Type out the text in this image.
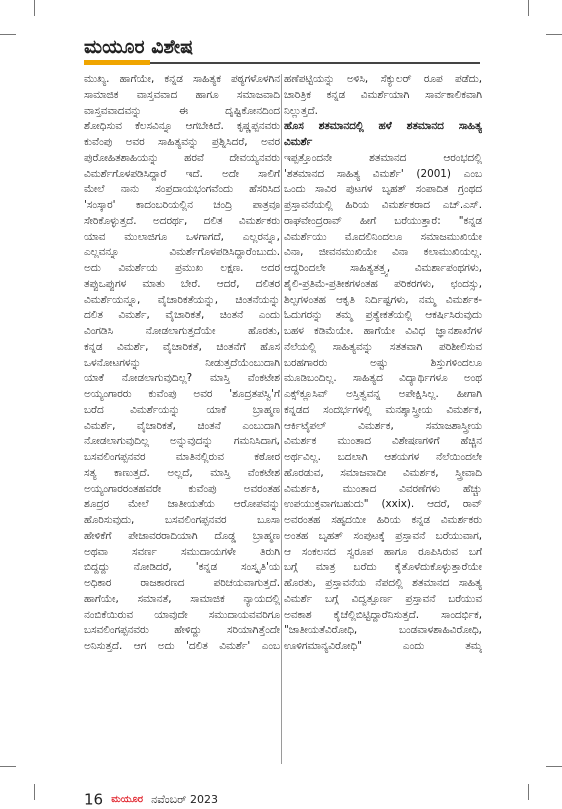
ಮಯೂರ ವಿಶೇಷ
ಮುಖ್ಯ. ಹಾಗೆಯೇ, ಕನ್ನಡ ಸಾಹಿತ್ಯಕ ಪಠ್ಯಗಳೊಳಗಿನ
ಸಾಮಾಜಿಕ ವಾಸ್ತವವಾದ ಹಾಗೂ ಸಮಾಜವಾದಿ
ವಾಸ್ತವವಾದವನ್ನು ಈ ದೃಷ್ಟಿಕೋನದಿಂದ
ಶೋಧಿಸುವ ಕೆಲಸವಿನ್ನೂ ಆಗಬೇಕಿದೆ. ಕೃಷ್ಣಪ್ಪನವರು
ಕುವೆಂಪು ಅವರ ಸಾಹಿತ್ಯವನ್ನು ಪ್ರಶ್ನಿಸಿದರೆ, ಅವರ
ಪುರೋಹಿತಶಾಹಿಯನ್ನು ಹರವೆ ದೇವಯ್ಯನವರು
ವಿಮರ್ಶೆಗೊಳಪಡಿಸಿದ್ದಾರೆ ಇದೆ. ಅದೇ ಸಾಲಿಗೆ
ಮೇಲೆ ನಾನು ಸಂಪ್ರದಾಯಭಂಗವೆಂದು ಹೆಸರಿಸಿದ
'ಸಂಸ್ಕಾರ' ಕಾದಂಬರಿಯಲ್ಲಿನ ಚಂದ್ರಿ ಪಾತ್ರವೂ
ಸೇರಿಕೊಳ್ಳುತ್ತದೆ. ಅದರರ್ಥ, ದಲಿತ ವಿಮರ್ಶಕರು
ಯಾವ ಮುಲಾಜಿಗೂ ಒಳಗಾಗದೆ, ಎಲ್ಲರನ್ನೂ,
ಎಲ್ಲವನ್ನೂ ವಿಮರ್ಶೆಗೊಳಪಡಿಸಿದ್ದಾರೆಂಬುದು.
ಅದು ವಿಮರ್ಶೆಯ ಪ್ರಮುಖ ಲಕ್ಷಣ. ಅದರ
ತಪ್ಪುಒಪ್ಪುಗಳ ಮಾತು ಬೇರೆ. ಆದರೆ, ದಲಿತರ
ವಿಮರ್ಶೆಯನ್ನೂ, ವೈಚಾರಿಕತೆಯನ್ನು, ಚಿಂತನೆಯನ್ನು
ದಲಿತ ವಿಮರ್ಶೆ, ವೈಚಾರಿಕತೆ, ಚಿಂತನೆ ಎಂದು
ವಿಂಗಡಿಸಿ ನೋಡಲಾಗುತ್ತದೆಯೇ ಹೊರತು,
ಕನ್ನಡ ವಿಮರ್ಶೆ, ವೈಚಾರಿಕತೆ, ಚಿಂತನೆಗೆ ಹೊಸ
ಒಳನೋಟಗಳನ್ನು ನೀಡುತ್ತದೆಯೆಂಬುದಾಗಿ
ಯಾಕೆ ನೋಡಲಾಗುವುದಿಲ್ಲ? ಮಾಸ್ತಿ ವೆಂಕಟೇಶ
ಅಯ್ಯಂಗಾರರು ಕುವೆಂಪು ಅವರ 'ಶೂದ್ರತಪಸ್ವಿ'ಗೆ
ಬರೆದ ವಿಮರ್ಶೆಯನ್ನು ಯಾಕೆ ಬ್ರಾಹ್ಮಣ
ವಿಮರ್ಶೆ, ವೈಚಾರಿಕತೆ, ಚಿಂತನೆ ಎಂಬುದಾಗಿ
ನೋಡಲಾಗುವುದಿಲ್ಲ ಅನ್ನುವುದನ್ನು ಗಮನಿಸಿದಾಗ,
ಬಸವಲಿಂಗಪ್ಪನವರ ಮಾತಿನಲ್ಲಿರುವ ಕಠೋರ
ಸತ್ಯ ಕಾಣುತ್ತದೆ. ಅಲ್ಲದೆ, ಮಾಸ್ತಿ ವೆಂಕಟೇಶ
ಅಯ್ಯಂಗಾರರಂತಹವರೇ ಕುವೆಂಪು ಅವರಂತಹ
ಶೂದ್ರರ ಮೇಲೆ ಜಾತೀಯತೆಯ ಆರೋಪವನ್ನು
ಹೊರಿಸುವುದು, ಬಸವಲಿಂಗಪ್ಪನವರ ಬೂಸಾ
ಹೇಳಿಕೆಗೆ ಪೇಜಾವರರಾದಿಯಾಗಿ ದೊಡ್ಡ ಬ್ರಾಹ್ಮಣ
ಅಥವಾ ಸವರ್ಣ ಸಮುದಾಯಗಳೇ ತಿರುಗಿ
ಬಿದ್ದದ್ದು ನೋಡಿದರೆ, 'ಕನ್ನಡ ಸಂಸ್ಕೃತಿ'ಯ
ಅಧಿಕಾರ ರಾಜಕಾರಣದ ಪರಿಚಯವಾಗುತ್ತದೆ.
ಹಾಗೆಯೇ, ಸಮಾನತೆ, ಸಾಮಾಜಿಕ ನ್ಯಾಯದಲ್ಲಿ
ನಂಬಿಕೆಯಿರುವ ಯಾವುದೇ ಸಮುದಾಯವವರಿಗೂ
ಬಸವಲಿಂಗಪ್ಪನವರು ಹೇಳಿದ್ದು ಸರಿಯಾಗಿತ್ತೆಂದೇ
ಅನಿಸುತ್ತದೆ. ಆಗ ಅದು 'ದಲಿತ ವಿಮರ್ಶೆ' ಎಂಬ
ಹಣೆಪಟ್ಟಿಯನ್ನು ಅಳಿಸಿ, ಸೆಕ್ಯುಲರ್ ರೂಪ ಪಡೆದು,
ಚಾರಿತ್ರಿಕ ಕನ್ನಡ ವಿಮರ್ಶೆಯಾಗಿ ಸಾರ್ವಕಾಲಿಕವಾಗಿ
ನಿಲ್ಲುತ್ತದೆ.
ಹೊಸ ಶತಮಾನದಲ್ಲಿ ಹಳೆ ಶತಮಾನದ ಸಾಹಿತ್ಯ
ವಿಮರ್ಶೆ
ಇಪ್ಪತ್ತೊಂದನೇ ಶತಮಾನದ ಆರಂಭದಲ್ಲಿ
'ಶತಮಾನದ ಸಾಹಿತ್ಯ ವಿಮರ್ಶೆ' (2001) ಎಂಬ
ಒಂದು ಸಾವಿರ ಪುಟಗಳ ಬೃಹತ್ ಸಂಪಾದಿತ ಗ್ರಂಥದ
ಪ್ರಸ್ತಾವನೆಯಲ್ಲಿ ಹಿರಿಯ ವಿಮರ್ಶಕರಾದ ಎಚ್.ಎಸ್.
ರಾಘವೇಂದ್ರರಾವ್ ಹೀಗೆ ಬರೆಯುತ್ತಾರೆ: "ಕನ್ನಡ
ವಿಮರ್ಶೆಯು ಮೊದಲಿನಿಂದಲೂ ಸಮಾಜಮುಖಿಯೇ
ವಿನಾ, ಜೀವನಮುಖಿಯೇ ವಿನಾ ಕಲಾಮುಖಿಯಲ್ಲ.
ಆದ್ದರಿಂದಲೇ ಸಾಹಿತ್ಯತತ್ತ್ವ, ವಿಮರ್ಶಾಪಂಥಗಳು,
ಶೈಲಿ-ಪ್ರತಿಮೆ-ಪ್ರತೀಕಗಳಂತಹ ಪರಿಕರಗಳು, ಛಂದಸ್ಸು,
ಶಿಲ್ಪಗಳಂತಹ ಆಕೃತಿ ನಿರ್ದಿಷ್ಟಗಳು, ನಮ್ಮ ವಿಮರ್ಶಕ-
ಓದುಗರನ್ನು ತಮ್ಮ ಪ್ರತ್ಯೇಕತೆಯಲ್ಲಿ ಆಕರ್ಷಿಸಿರುವುದು
ಬಹಳ ಕಡಿಮೆಯೇ. ಹಾಗೆಯೇ ವಿವಿಧ ಜ್ಞಾನಶಾಖೆಗಳ
ನೆಲೆಯಲ್ಲಿ ಸಾಹಿತ್ಯವನ್ನು ಸತತವಾಗಿ ಪರಿಶೀಲಿಸುವ
ಬರಹಗಾರರು ಅಷ್ಟು ಶಿಸ್ತುಗಳಿಂದಲೂ
ಮೂಡಿಬಂದಿಲ್ಲ. ಸಾಹಿತ್ಯದ ವಿದ್ಯಾರ್ಥಿಗಳೂ ಅಂಥ
ಎಕ್ಸ್‌ಕ್ಲೂಸಿವ್ ಅಸ್ತಿತ್ವವನ್ನ ಅಪೇಕ್ಷಿಸಿಲ್ಲ. ಹೀಗಾಗಿ
ಕನ್ನಡದ ಸಂದರ್ಭಗಳಲ್ಲಿ ಮನಶ್ಶಾಸ್ತ್ರೀಯ ವಿಮರ್ಶಕ,
ಆರ್ಕಿಟೈಪಲ್ ವಿಮರ್ಶಕ, ಸಮಾಜಶಾಸ್ತ್ರೀಯ
ವಿಮರ್ಶಕ ಮುಂತಾದ ವಿಶೇಷಣಗಳಿಗೆ ಹೆಚ್ಚಿನ
ಅರ್ಥವಿಲ್ಲ. ಬದಲಾಗಿ ಆಶಯಗಳ ನೆಲೆಯಿಂದಲೇ
ಹೊರಡುವ, ಸಮಾಜವಾದೀ ವಿಮರ್ಶಕ, ಸ್ತ್ರೀವಾದಿ
ವಿಮರ್ಶಕಿ, ಮುಂತಾದ ವಿವರಣೆಗಳು ಹೆಚ್ಚು
ಉಪಯುಕ್ತವಾಗಬಹುದು" (xxix). ಆದರೆ, ರಾವ್
ಅವರಂತಹ ಸಹೃದಯೀ ಹಿರಿಯ ಕನ್ನಡ ವಿಮರ್ಶಕರು
ಅಂತಹ ಬೃಹತ್ ಸಂಪುಟಕ್ಕೆ ಪ್ರಸ್ತಾವನೆ ಬರೆಯುವಾಗ,
ಆ ಸಂಕಲನದ ಸ್ವರೂಪ ಹಾಗೂ ರೂಪಿಸಿರುವ ಬಗೆ
ಬಗ್ಗೆ ಮಾತ್ರ ಬರೆದು ಕೈತೊಳೆದುಕೊಳ್ಳುತ್ತಾರೆಯೇ
ಹೊರತು, ಪ್ರಸ್ತಾವನೆಯ ನೆಪದಲ್ಲಿ ಶತಮಾನದ ಸಾಹಿತ್ಯ
ವಿಮರ್ಶೆ ಬಗ್ಗೆ ವಿದ್ವತ್ಪೂರ್ಣ ಪ್ರಸ್ತಾವನೆ ಬರೆಯುವ
ಅವಕಾಶ ಕೈಚೆಲ್ಲಿಬಿಟ್ಟಿದ್ದಾರೆನಿಸುತ್ತದೆ. ಸಾಂದರ್ಭಿಕ,
"ಜಾತೀಯತೆವಿರೋಧಿ, ಬಂಡವಾಳಶಾಹಿವಿರೋಧಿ,
ಊಳಿಗಮಾನ್ಯವಿರೋಧಿ" ಎಂದು ತಮ್ಮ
16 ಮಯೂರ ನವೆಂಬರ್ 2023
